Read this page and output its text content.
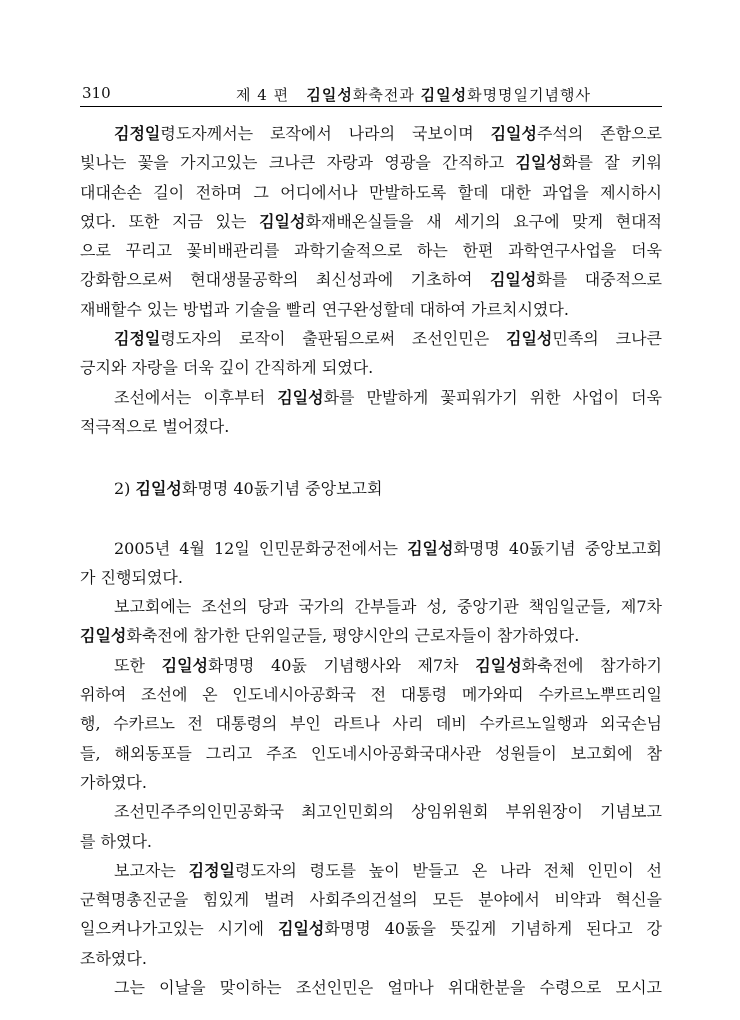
310	제 4 편 김일성화축전과 김일성화명명일기념행사
김정일령도자께서는 로작에서 나라의 국보이며 김일성주석의 존함으로
빛나는 꽃을 가지고있는 크나큰 자랑과 영광을 간직하고 김일성화를 잘 키워
대대손손 길이 전하며 그 어디에서나 만발하도록 할데 대한 과업을 제시하시
였다. 또한 지금 있는 김일성화재배온실들을 새 세기의 요구에 맞게 현대적
으로 꾸리고 꽃비배관리를 과학기술적으로 하는 한편 과학연구사업을 더욱
강화함으로써 현대생물공학의 최신성과에 기초하여 김일성화를 대중적으로
재배할수 있는 방법과 기술을 빨리 연구완성할데 대하여 가르치시였다.
김정일령도자의 로작이 출판됨으로써 조선인민은 김일성민족의 크나큰
긍지와 자랑을 더욱 깊이 간직하게 되였다.
조선에서는 이후부터 김일성화를 만발하게 꽃피워가기 위한 사업이 더욱
적극적으로 벌어졌다.
2) 김일성화명명 40돐기념 중앙보고회
2005년 4월 12일 인민문화궁전에서는 김일성화명명 40돐기념 중앙보고회
가 진행되였다.
보고회에는 조선의 당과 국가의 간부들과 성, 중앙기관 책임일군들, 제7차
김일성화축전에 참가한 단위일군들, 평양시안의 근로자들이 참가하였다.
또한 김일성화명명 40돐 기념행사와 제7차 김일성화축전에 참가하기
위하여 조선에 온 인도네시아공화국 전 대통령 메가와띠 수카르노뿌뜨리일
행, 수카르노 전 대통령의 부인 라트나 사리 데비 수카르노일행과 외국손님
들, 해외동포들 그리고 주조 인도네시아공화국대사관 성원들이 보고회에 참
가하였다.
조선민주주의인민공화국 최고인민회의 상임위원회 부위원장이 기념보고
를 하였다.
보고자는 김정일령도자의 령도를 높이 받들고 온 나라 전체 인민이 선
군혁명총진군을 힘있게 벌려 사회주의건설의 모든 분야에서 비약과 혁신을
일으켜나가고있는 시기에 김일성화명명 40돐을 뜻깊게 기념하게 된다고 강
조하였다.
그는 이날을 맞이하는 조선인민은 얼마나 위대한분을 수령으로 모시고
